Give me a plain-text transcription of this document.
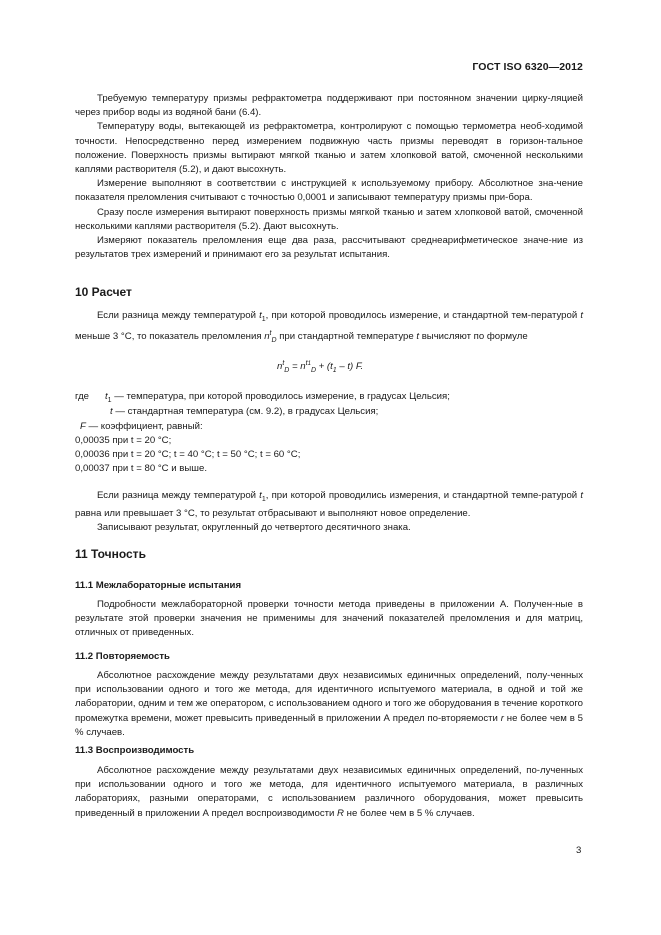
ГОСТ ISO 6320—2012

Требуемую температуру призмы рефрактометра поддерживают при постоянном значении цирку-ляцией через прибор воды из водяной бани (6.4).

Температуру воды, вытекающей из рефрактометра, контролируют с помощью термометра необ-ходимой точности. Непосредственно перед измерением подвижную часть призмы переводят в горизон-тальное положение. Поверхность призмы вытирают мягкой тканью и затем хлопковой ватой, смоченной несколькими каплями растворителя (5.2), и дают высохнуть.

Измерение выполняют в соответствии с инструкцией к используемому прибору. Абсолютное зна-чение показателя преломления считывают с точностью 0,0001 и записывают температуру призмы при-бора.

Сразу после измерения вытирают поверхность призмы мягкой тканью и затем хлопковой ватой, смоченной несколькими каплями растворителя (5.2). Дают высохнуть.

Измеряют показатель преломления еще два раза, рассчитывают среднеарифметическое значе-ние из результатов трех измерений и принимают его за результат испытания.

10 Расчет

Если разница между температурой $t_1$, при которой проводилось измерение, и стандартной тем-пературой t меньше 3 °С, то показатель преломления $n^t_D$ при стандартной температуре t вычисляют по формуле

$n^t_D = n^{t1}_D + (t_1 - t)$ F.
где $t_1$ — температура, при которой проводилось измерение, в градусах Цельсия;
t — стандартная температура (см. 9.2), в градусах Цельсия;
F — коэффициент, равный:
0,00035 при t = 20 °С;
0,00036 при t = 20 °С; t = 40 °С; t = 50 °С; t = 60 °С;
0,00037 при t = 80 °С и выше.

Если разница между температурой $t_1$, при которой проводились измерения, и стандартной темпе-ратурой t равна или превышает 3 °С, то результат отбрасывают и выполняют новое определение.

Записывают результат, округленный до четвертого десятичного знака.

11 Точность
11.1 Межлабораторные испытания

Подробности межлабораторной проверки точности метода приведены в приложении А. Получен-ные в результате этой проверки значения не применимы для значений показателей преломления и для матриц, отличных от приведенных.

11.2 Повторяемость

Абсолютное расхождение между результатами двух независимых единичных определений, полу-ченных при использовании одного и того же метода, для идентичного испытуемого материала, в одной и той же лаборатории, одним и тем же оператором, с использованием одного и того же оборудования в течение короткого промежутка времени, может превысить приведенный в приложении А предел по-вторяемости r не более чем в 5 % случаев.

11.3 Воспроизводимость

Абсолютное расхождение между результатами двух независимых единичных определений, по-лученных при использовании одного и того же метода, для идентичного испытуемого материала, в различных лабораториях, разными операторами, с использованием различного оборудования, может превысить приведенный в приложении А предел воспроизводимости R не более чем в 5 % случаев.

3
